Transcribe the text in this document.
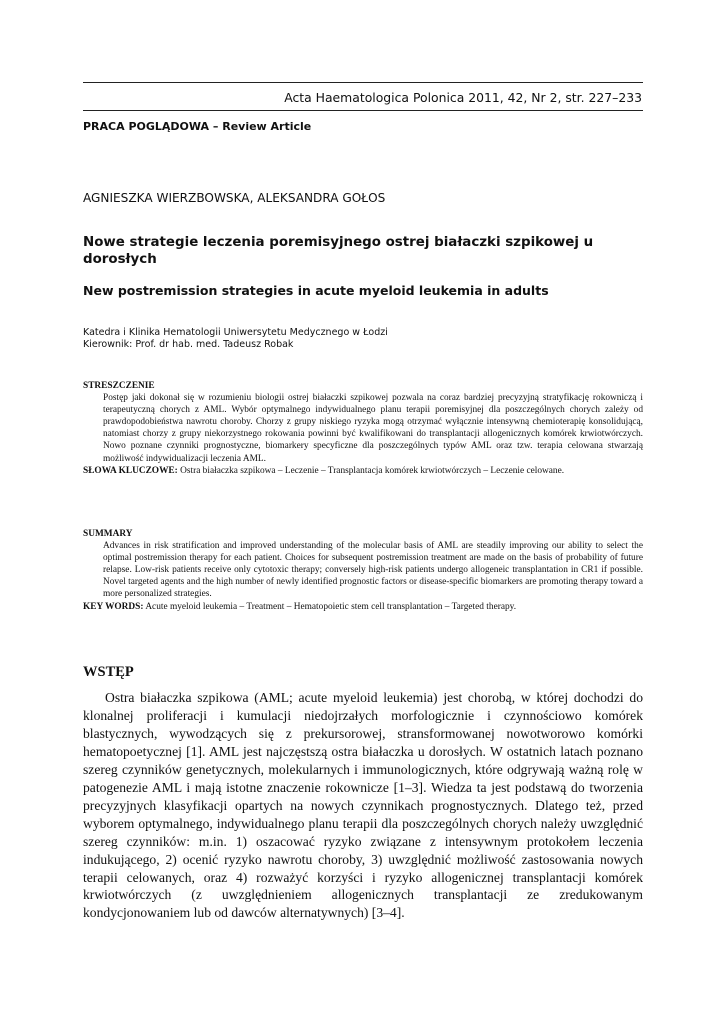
Acta Haematologica Polonica 2011, 42, Nr 2, str. 227–233
PRACA POGLĄDOWA – Review Article
AGNIESZKA WIERZBOWSKA, ALEKSANDRA GOŁOS
Nowe strategie leczenia poremisyjnego ostrej białaczki szpikowej u dorosłych
New postremission strategies in acute myeloid leukemia in adults
Katedra i Klinika Hematologii Uniwersytetu Medycznego w Łodzi
Kierownik: Prof. dr hab. med. Tadeusz Robak
STRESZCZENIE
Postęp jaki dokonał się w rozumieniu biologii ostrej białaczki szpikowej pozwala na coraz bardziej precyzyjną stratyfikację rokowniczą i terapeutyczną chorych z AML. Wybór optymalnego indywidualnego planu terapii poremisyjnej dla poszczególnych chorych zależy od prawdopodobieństwa nawrotu choroby. Chorzy z grupy niskiego ryzyka mogą otrzymać wyłącznie intensywną chemioterapię konsolidującą, natomiast chorzy z grupy niekorzystnego rokowania powinni być kwalifikowani do transplantacji allogenicznych komórek krwiotwórczych. Nowo poznane czynniki prognostyczne, biomarkery specyficzne dla poszczególnych typów AML oraz tzw. terapia celowana stwarzają możliwość indywidualizacji leczenia AML.
SŁOWA KLUCZOWE: Ostra białaczka szpikowa – Leczenie – Transplantacja komórek krwiotwórczych – Leczenie celowane.
SUMMARY
Advances in risk stratification and improved understanding of the molecular basis of AML are steadily improving our ability to select the optimal postremission therapy for each patient. Choices for subsequent postremission treatment are made on the basis of probability of future relapse. Low-risk patients receive only cytotoxic therapy; conversely high-risk patients undergo allogeneic transplantation in CR1 if possible. Novel targeted agents and the high number of newly identified prognostic factors or disease-specific biomarkers are promoting therapy toward a more personalized strategies.
KEY WORDS: Acute myeloid leukemia – Treatment – Hematopoietic stem cell transplantation – Targeted therapy.
WSTĘP
Ostra białaczka szpikowa (AML; acute myeloid leukemia) jest chorobą, w której dochodzi do klonalnej proliferacji i kumulacji niedojrzałych morfologicznie i czynnościowo komórek blastycznych, wywodzących się z prekursorowej, stransformowanej nowotworowo komórki hematopoetycznej [1]. AML jest najczęstszą ostra białaczka u dorosłych. W ostatnich latach poznano szereg czynników genetycznych, molekularnych i immunologicznych, które odgrywają ważną rolę w patogenezie AML i mają istotne znaczenie rokownicze [1–3]. Wiedza ta jest podstawą do tworzenia precyzyjnych klasyfikacji opartych na nowych czynnikach prognostycznych. Dlatego też, przed wyborem optymalnego, indywidualnego planu terapii dla poszczególnych chorych należy uwzględnić szereg czynników: m.in. 1) oszacować ryzyko związane z intensywnym protokołem leczenia indukującego, 2) ocenić ryzyko nawrotu choroby, 3) uwzględnić możliwość zastosowania nowych terapii celowanych, oraz 4) rozważyć korzyści i ryzyko allogenicznej transplantacji komórek krwiotwórczych (z uwzględnieniem allogenicznych transplantacji ze zredukowanym kondycjonowaniem lub od dawców alternatywnych) [3–4].
